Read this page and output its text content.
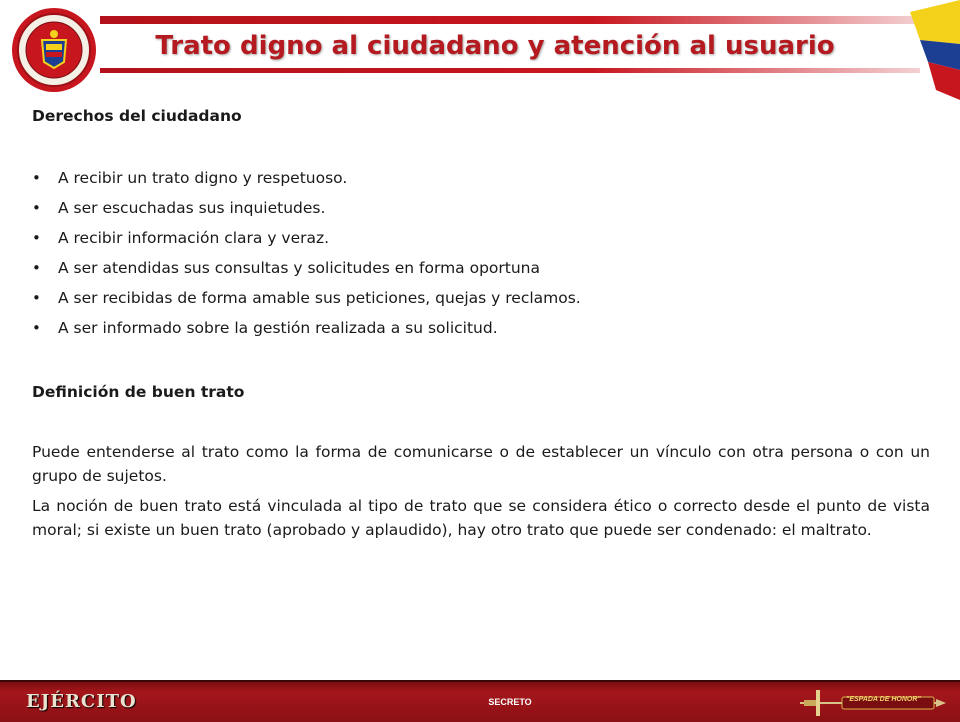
Trato digno al ciudadano y atención al usuario

Derechos del ciudadano

• A recibir un trato digno y respetuoso.
• A ser escuchadas sus inquietudes.
• A recibir información clara y veraz.
• A ser atendidas sus consultas y solicitudes en forma oportuna
• A ser recibidas de forma amable sus peticiones, quejas y reclamos.
• A ser informado sobre la gestión realizada a su solicitud.

Definición de buen trato

Puede entenderse al trato como la forma de comunicarse o de establecer un vínculo con otra persona o con un grupo de sujetos.

La noción de buen trato está vinculada al tipo de trato que se considera ético o correcto desde el punto de vista moral; si existe un buen trato (aprobado y aplaudido), hay otro trato que puede ser condenado: el maltrato.

EJÉRCITO	SECRETO	"ESPADA DE HONOR"
